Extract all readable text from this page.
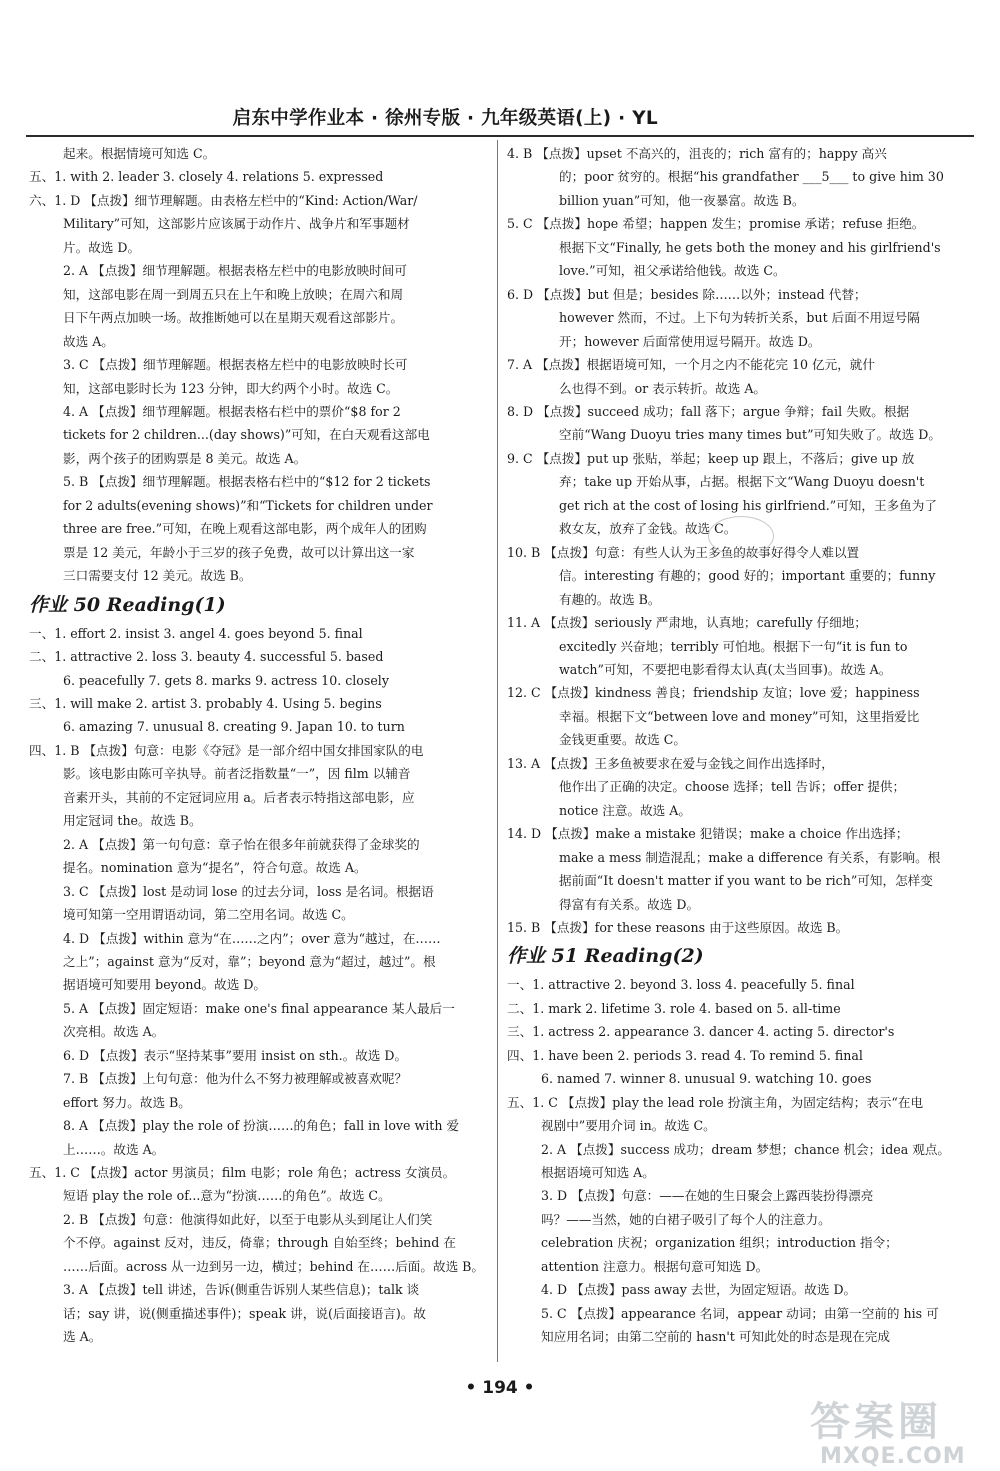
启东中学作业本 · 徐州专版 · 九年级英语(上) · YL
起来。根据情境可知选 C。
五、1. with 2. leader 3. closely 4. relations 5. expressed
六、1. D 【点拨】细节理解题。由表格左栏中的“Kind: Action/War/
Military”可知，这部影片应该属于动作片、战争片和军事题材
片。故选 D。
2. A 【点拨】细节理解题。根据表格左栏中的电影放映时间可
知，这部电影在周一到周五只在上午和晚上放映；在周六和周
日下午两点加映一场。故推断她可以在星期天观看这部影片。
故选 A。
3. C 【点拨】细节理解题。根据表格左栏中的电影放映时长可
知，这部电影时长为 123 分钟，即大约两个小时。故选 C。
4. A 【点拨】细节理解题。根据表格右栏中的票价“$8 for 2
tickets for 2 children...(day shows)”可知，在白天观看这部电
影，两个孩子的团购票是 8 美元。故选 A。
5. B 【点拨】细节理解题。根据表格右栏中的“$12 for 2 tickets
for 2 adults(evening shows)”和“Tickets for children under
three are free.”可知，在晚上观看这部电影，两个成年人的团购
票是 12 美元，年龄小于三岁的孩子免费，故可以计算出这一家
三口需要支付 12 美元。故选 B。
作业 50 Reading(1)
一、1. effort 2. insist 3. angel 4. goes beyond 5. final
二、1. attractive 2. loss 3. beauty 4. successful 5. based
6. peacefully 7. gets 8. marks 9. actress 10. closely
三、1. will make 2. artist 3. probably 4. Using 5. begins
6. amazing 7. unusual 8. creating 9. Japan 10. to turn
四、1. B 【点拨】句意：电影《夺冠》是一部介绍中国女排国家队的电
影。该电影由陈可辛执导。前者泛指数量“一”，因 film 以辅音
音素开头，其前的不定冠词应用 a。后者表示特指这部电影，应
用定冠词 the。故选 B。
2. A 【点拨】第一句句意：章子怡在很多年前就获得了金球奖的
提名。nomination 意为“提名”，符合句意。故选 A。
3. C 【点拨】lost 是动词 lose 的过去分词，loss 是名词。根据语
境可知第一空用谓语动词，第二空用名词。故选 C。
4. D 【点拨】within 意为“在……之内”；over 意为“越过，在……
之上”；against 意为“反对，靠”；beyond 意为“超过，越过”。根
据语境可知要用 beyond。故选 D。
5. A 【点拨】固定短语：make one's final appearance 某人最后一
次亮相。故选 A。
6. D 【点拨】表示“坚持某事”要用 insist on sth.。故选 D。
7. B 【点拨】上句句意：他为什么不努力被理解或被喜欢呢？
effort 努力。故选 B。
8. A 【点拨】play the role of 扮演……的角色；fall in love with 爱
上……。故选 A。
五、1. C 【点拨】actor 男演员；film 电影；role 角色；actress 女演员。
短语 play the role of...意为“扮演……的角色”。故选 C。
2. B 【点拨】句意：他演得如此好，以至于电影从头到尾让人们笑
个不停。against 反对，违反，倚靠；through 自始至终；behind 在
……后面。across 从一边到另一边，横过；behind 在……后面。故选 B。
3. A 【点拨】tell 讲述，告诉(侧重告诉别人某些信息)；talk 谈
话；say 讲，说(侧重描述事件)；speak 讲，说(后面接语言)。故
选 A。
4. B 【点拨】upset 不高兴的，沮丧的；rich 富有的；happy 高兴
的；poor 贫穷的。根据“his grandfather ___5___ to give him 30
billion yuan”可知，他一夜暴富。故选 B。
5. C 【点拨】hope 希望；happen 发生；promise 承诺；refuse 拒绝。
根据下文“Finally, he gets both the money and his girlfriend's
love.”可知，祖父承诺给他钱。故选 C。
6. D 【点拨】but 但是；besides 除……以外；instead 代替；
however 然而，不过。上下句为转折关系，but 后面不用逗号隔
开；however 后面常使用逗号隔开。故选 D。
7. A 【点拨】根据语境可知，一个月之内不能花完 10 亿元，就什
么也得不到。or 表示转折。故选 A。
8. D 【点拨】succeed 成功；fall 落下；argue 争辩；fail 失败。根据
空前“Wang Duoyu tries many times but”可知失败了。故选 D。
9. C 【点拨】put up 张贴，举起；keep up 跟上，不落后；give up 放
弃；take up 开始从事，占据。根据下文“Wang Duoyu doesn't
get rich at the cost of losing his girlfriend.”可知，王多鱼为了
救女友，放弃了金钱。故选 C。
10. B 【点拨】句意：有些人认为王多鱼的故事好得令人难以置
信。interesting 有趣的；good 好的；important 重要的；funny
有趣的。故选 B。
11. A 【点拨】seriously 严肃地，认真地；carefully 仔细地；
excitedly 兴奋地；terribly 可怕地。根据下一句“it is fun to
watch”可知，不要把电影看得太认真(太当回事)。故选 A。
12. C 【点拨】kindness 善良；friendship 友谊；love 爱；happiness
幸福。根据下文“between love and money”可知，这里指爱比
金钱更重要。故选 C。
13. A 【点拨】王多鱼被要求在爱与金钱之间作出选择时，
他作出了正确的决定。choose 选择；tell 告诉；offer 提供；
notice 注意。故选 A。
14. D 【点拨】make a mistake 犯错误；make a choice 作出选择；
make a mess 制造混乱；make a difference 有关系，有影响。根
据前面“It doesn't matter if you want to be rich”可知，怎样变
得富有有关系。故选 D。
15. B 【点拨】for these reasons 由于这些原因。故选 B。
作业 51 Reading(2)
一、1. attractive 2. beyond 3. loss 4. peacefully 5. final
二、1. mark 2. lifetime 3. role 4. based on 5. all-time
三、1. actress 2. appearance 3. dancer 4. acting 5. director's
四、1. have been 2. periods 3. read 4. To remind 5. final
6. named 7. winner 8. unusual 9. watching 10. goes
五、1. C 【点拨】play the lead role 扮演主角，为固定结构；表示“在电
视剧中”要用介词 in。故选 C。
2. A 【点拨】success 成功；dream 梦想；chance 机会；idea 观点。
根据语境可知选 A。
3. D 【点拨】句意：——在她的生日聚会上露西装扮得漂亮
吗？——当然，她的白裙子吸引了每个人的注意力。
celebration 庆祝；organization 组织；introduction 指令；
attention 注意力。根据句意可知选 D。
4. D 【点拨】pass away 去世，为固定短语。故选 D。
5. C 【点拨】appearance 名词，appear 动词；由第一空前的 his 可
知应用名词；由第二空前的 hasn't 可知此处的时态是现在完成
• 194 •
答案圈
MXQE.COM
